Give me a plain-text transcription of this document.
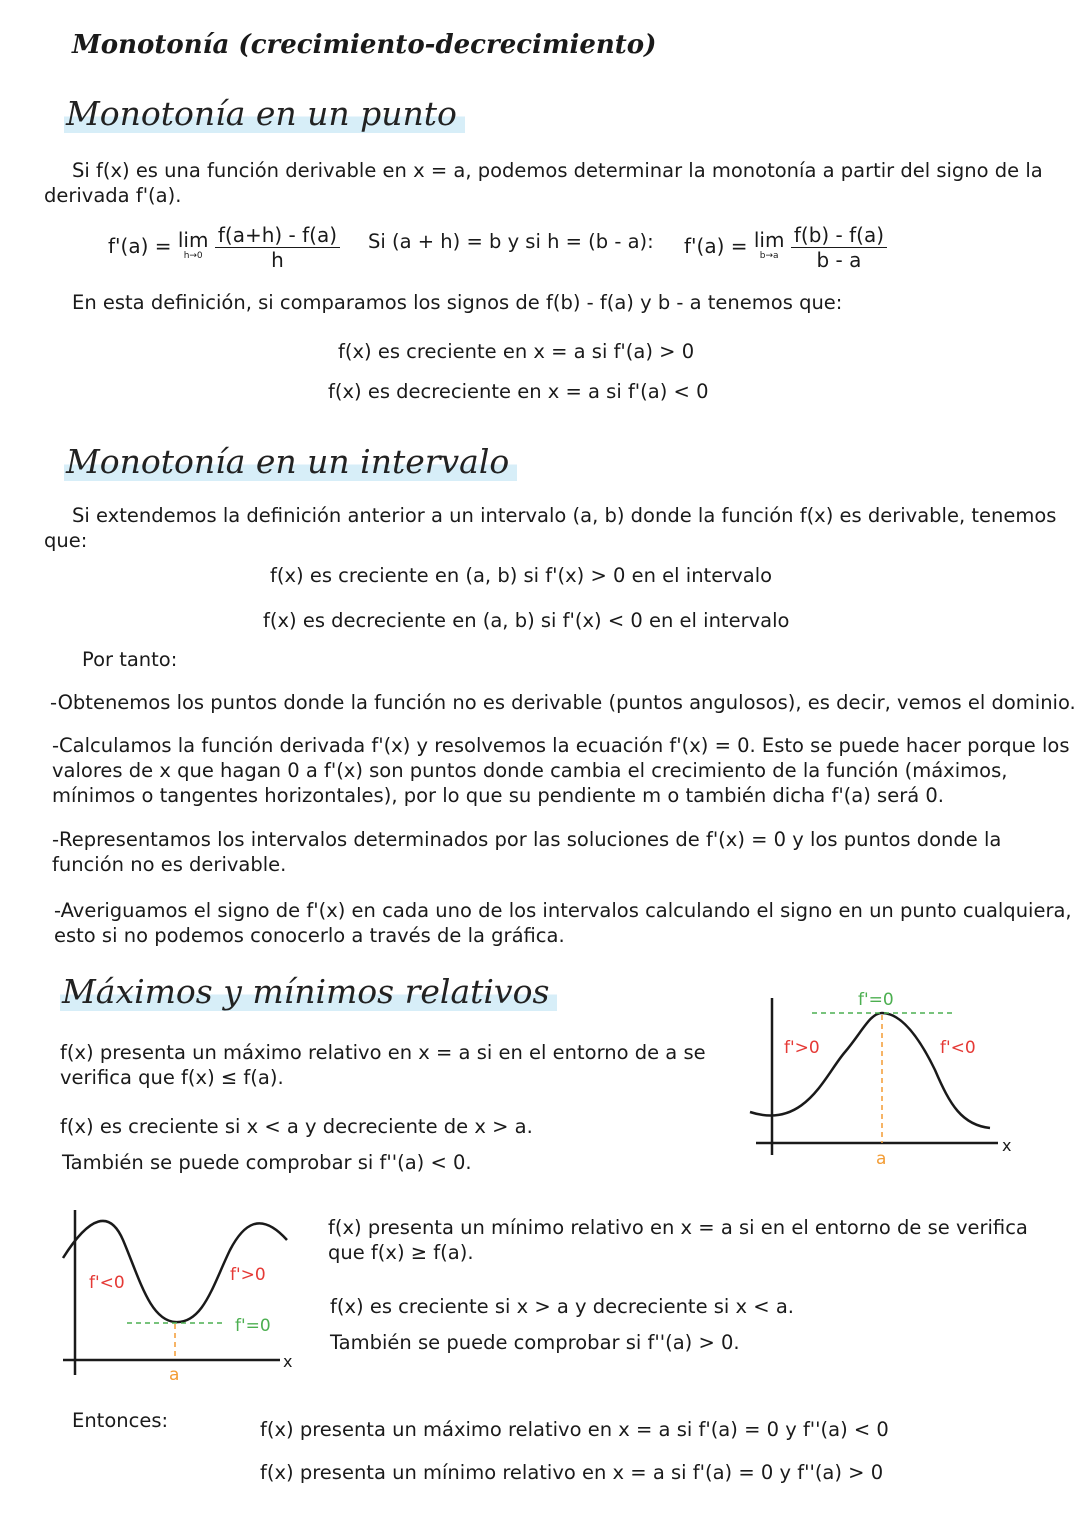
Monotonía (crecimiento-decrecimiento)
Monotonía en un punto
Si f(x) es una función derivable en x = a, podemos determinar la monotonía a partir del signo de la
derivada f'(a).
f'(a) = lim
h→0
$\frac{f(a+h) - f(a)}{h}$ Si (a + h) = b y si h = (b - a): f'(a) = lim
b→a
$\frac{f(b) - f(a)}{b - a}$
En esta definición, si comparamos los signos de f(b) - f(a) y b - a tenemos que:
f(x) es creciente en x = a si f'(a) > 0
f(x) es decreciente en x = a si f'(a) < 0
Monotonía en un intervalo
Si extendemos la definición anterior a un intervalo (a, b) donde la función f(x) es derivable, tenemos
que:
f(x) es creciente en (a, b) si f'(x) > 0 en el intervalo
f(x) es decreciente en (a, b) si f'(x) < 0 en el intervalo
Por tanto:
-Obtenemos los puntos donde la función no es derivable (puntos angulosos), es decir, vemos el dominio.
-Calculamos la función derivada f'(x) y resolvemos la ecuación f'(x) = 0. Esto se puede hacer porque los
valores de x que hagan 0 a f'(x) son puntos donde cambia el crecimiento de la función (máximos,
mínimos o tangentes horizontales), por lo que su pendiente m o también dicha f'(a) será 0.
-Representamos los intervalos determinados por las soluciones de f'(x) = 0 y los puntos donde la
función no es derivable.
-Averiguamos el signo de f'(x) en cada uno de los intervalos calculando el signo en un punto cualquiera,
esto si no podemos conocerlo a través de la gráfica.
Máximos y mínimos relativos
f(x) presenta un máximo relativo en x = a si en el entorno de a se
verifica que f(x) ≤ f(a).
f(x) es creciente si x < a y decreciente de x > a.
También se puede comprobar si f''(a) < 0.
f'=0
f'>0	f'<0
a
x
f'<0	f'>0
f'=0
a
x
f(x) presenta un mínimo relativo en x = a si en el entorno de se verifica
que f(x) ≥ f(a).
f(x) es creciente si x > a y decreciente si x < a.
También se puede comprobar si f''(a) > 0.
Entonces:	f(x) presenta un máximo relativo en x = a si f'(a) = 0 y f''(a) < 0
f(x) presenta un mínimo relativo en x = a si f'(a) = 0 y f''(a) > 0
